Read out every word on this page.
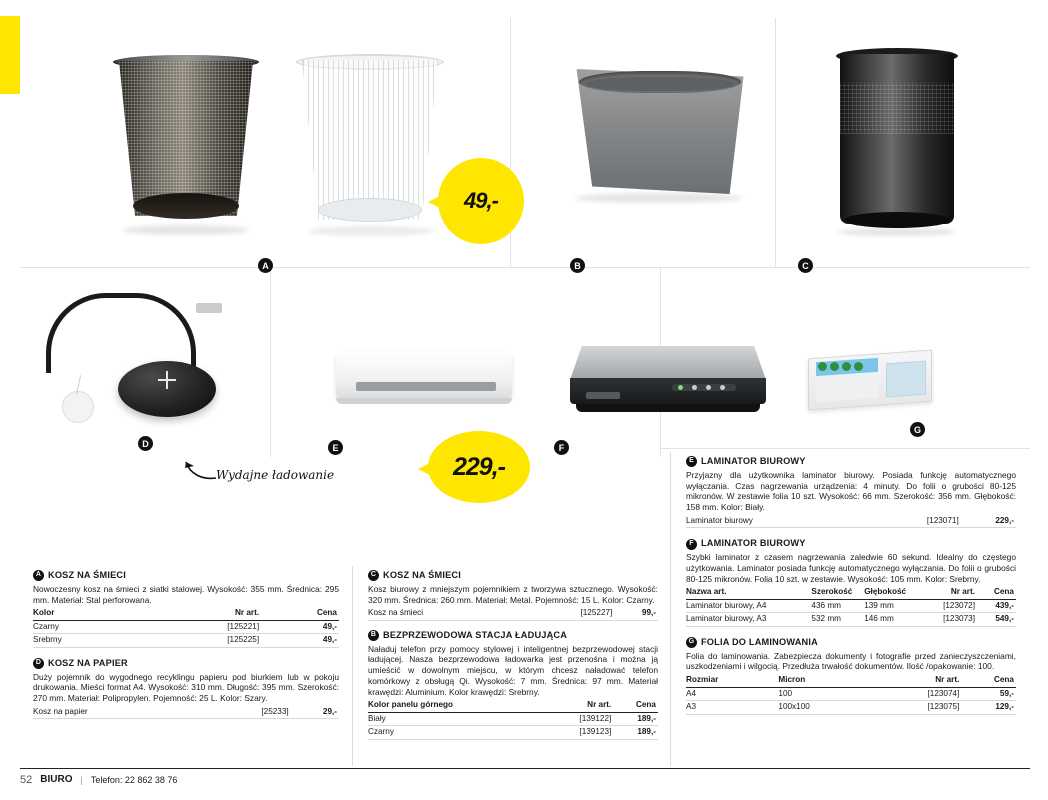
A
49,-
B	C
D
Wydajne ładowanie
E
229,-
F
G
A KOSZ NA ŚMIECI

Nowoczesny kosz na śmieci z siatki stalowej. Wysokość: 355 mm. Średnica: 295 mm. Materiał: Stal perforowana.

Kolor	Nr art.	Cena
Czarny	[125221]	49,-
Srebrny	[125225]	49,-
D KOSZ NA PAPIER

Duży pojemnik do wygodnego recyklingu papieru pod biurkiem lub w pokoju drukowania. Mieści format A4. Wysokość: 310 mm. Długość: 395 mm. Szerokość: 270 mm. Materiał: Polipropylen. Pojemność: 25 L. Kolor: Szary.

Kosz na papier	[25233]	29,-
C KOSZ NA ŚMIECI

Kosz biurowy z mniejszym pojemnikiem z tworzywa sztucznego. Wysokość: 320 mm. Średnica: 260 mm. Materiał: Metal. Pojemność: 15 L. Kolor: Czarny.

Kosz na śmieci	[125227]	99,-
B BEZPRZEWODOWA STACJA ŁADUJĄCA

Naładuj telefon przy pomocy stylowej i inteligentnej bezprzewodowej stacji ładującej. Nasza bezprzewodowa ładowarka jest przenośna i można ją umieścić w dowolnym miejscu, w którym chcesz naładować telefon komórkowy z obsługą Qi. Wysokość: 7 mm. Średnica: 97 mm. Materiał krawędzi: Aluminium. Kolor krawędzi: Srebrny.

Kolor panelu górnego	Nr art.	Cena
Biały	[139122]	189,-
Czarny	[139123]	189,-
E LAMINATOR BIUROWY

Przyjazny dla użytkownika laminator biurowy. Posiada funkcję automatycznego wyłączania. Czas nagrzewania urządzenia: 4 minuty. Do folii o grubości 80-125 mikronów. W zestawie folia 10 szt. Wysokość: 66 mm. Szerokość: 356 mm. Głębokość: 158 mm. Kolor: Biały.

Laminator biurowy	[123071]	229,-
F LAMINATOR BIUROWY

Szybki laminator z czasem nagrzewania zaledwie 60 sekund. Idealny do częstego użytkowania. Laminator posiada funkcję automatycznego wyłączania. Do folii o grubości 80-125 mikronów. Folia 10 szt. w zestawie. Wysokość: 105 mm. Kolor: Srebrny.

Nazwa art.	Szerokość	Głębokość	Nr art.	Cena
Laminator biurowy, A4	436 mm	139 mm	[123072]	439,-
Laminator biurowy, A3	532 mm	146 mm	[123073]	549,-
G FOLIA DO LAMINOWANIA

Folia do laminowania. Zabezpiecza dokumenty i fotografie przed zanieczyszczeniami, uszkodzeniami i wilgocią. Przedłuża trwałość dokumentów. Ilość /opakowanie: 100.

Rozmiar	Micron	Nr art.	Cena
A4	100	[123074]	59,-
A3	100x100	[123075]	129,-
52 BIURO | Telefon: 22 862 38 76
